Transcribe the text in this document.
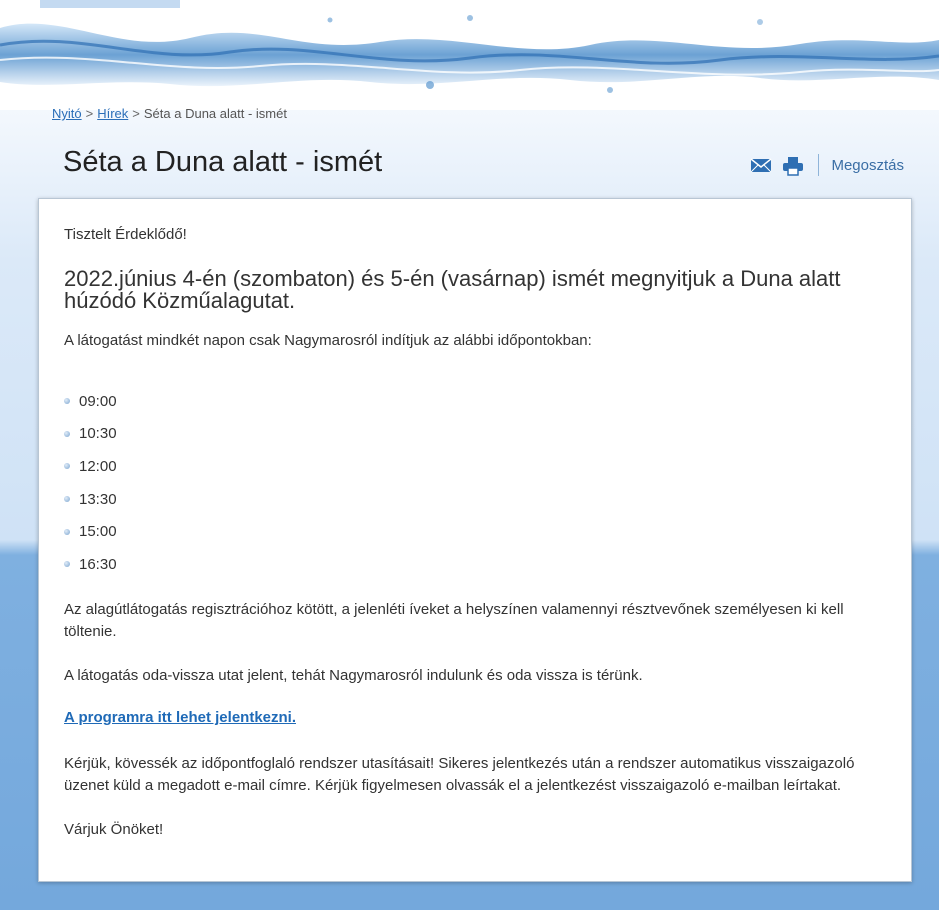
Nyitó > Hírek > Séta a Duna alatt - ismét
Séta a Duna alatt - ismét	Megosztás

Tisztelt Érdeklődő!

2022.június 4-én (szombaton) és 5-én (vasárnap) ismét megnyitjuk a Duna alatt húzódó Közműalagutat.

A látogatást mindkét napon csak Nagymarosról indítjuk az alábbi időpontokban:

09:00
10:30
12:00
13:30
15:00
16:30

Az alagútlátogatás regisztrációhoz kötött, a jelenléti íveket a helyszínen valamennyi résztvevőnek személyesen ki kell töltenie.

A látogatás oda-vissza utat jelent, tehát Nagymarosról indulunk és oda vissza is térünk.

A programra itt lehet jelentkezni.

Kérjük, kövessék az időpontfoglaló rendszer utasításait! Sikeres jelentkezés után a rendszer automatikus visszaigazoló üzenet küld a megadott e-mail címre. Kérjük figyelmesen olvassák el a jelentkezést visszaigazoló e-mailban leírtakat.

Várjuk Önöket!
